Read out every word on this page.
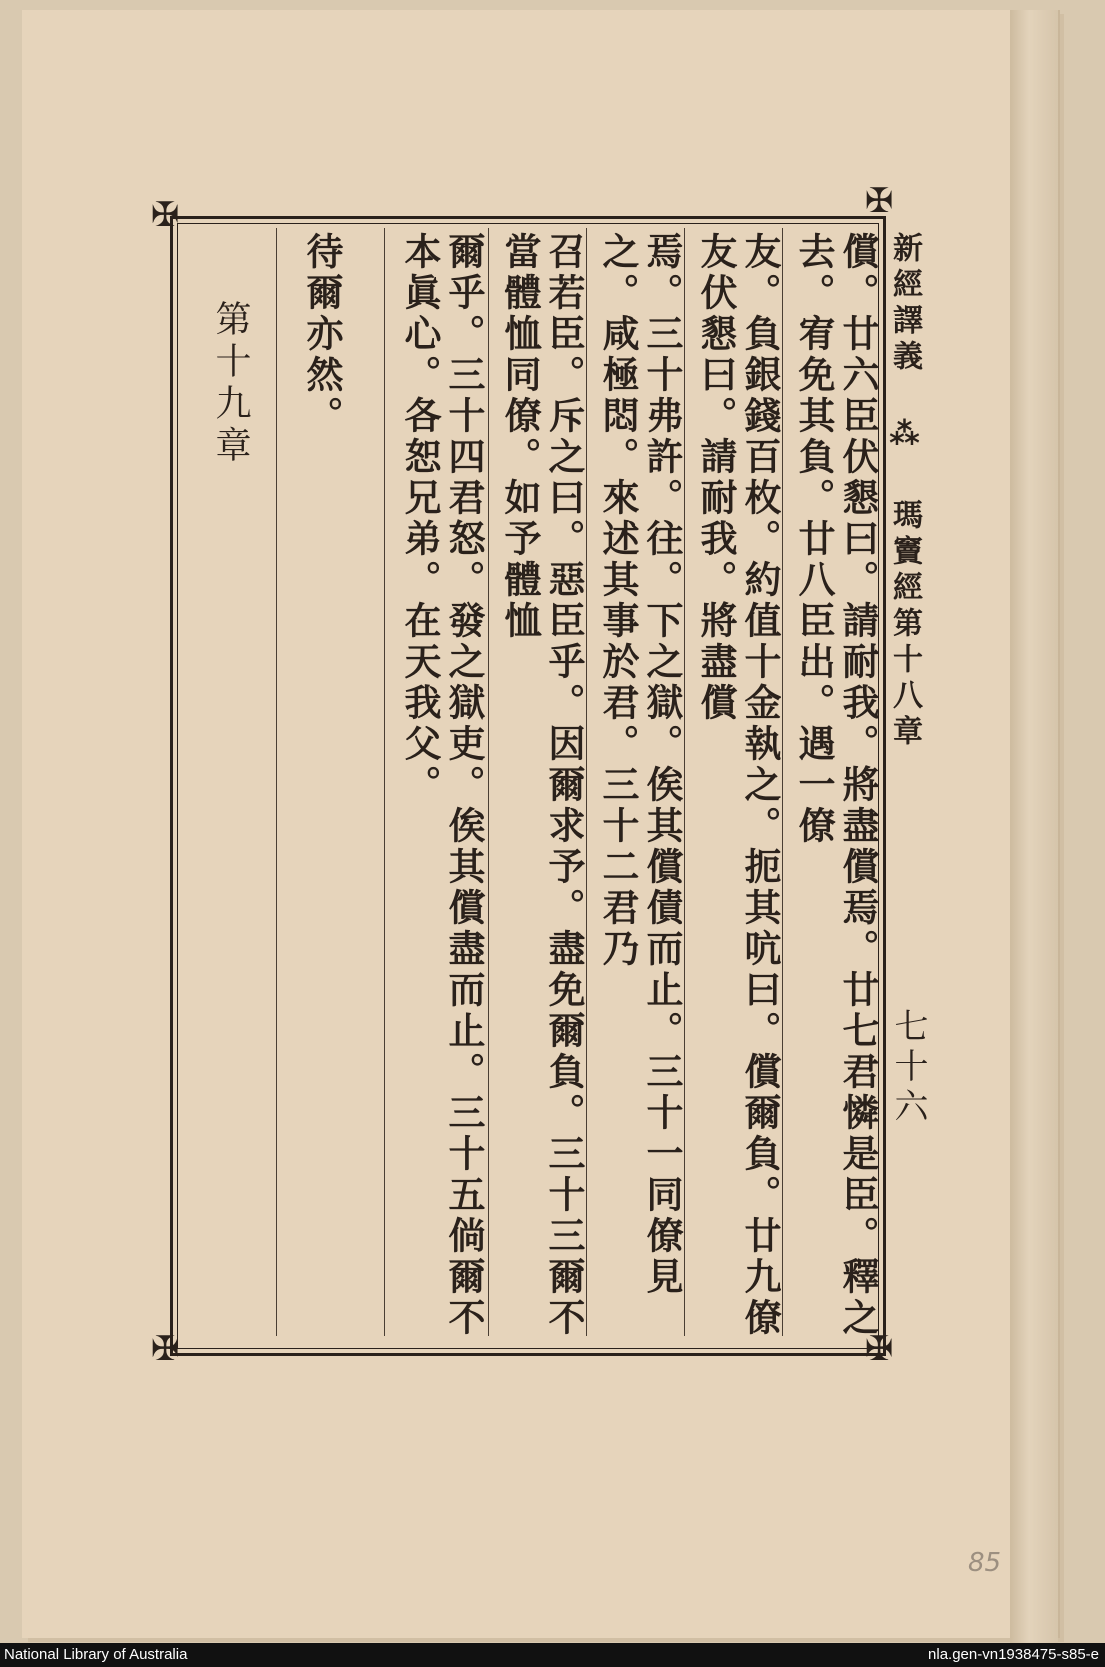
✠	✠
✠	✠
新經譯義 ⁂ 瑪竇經第十八章
七十六
償。廿六臣伏懇曰。請耐我。將盡償焉。廿七君憐是臣。釋之去。宥免其負。廿八臣出。遇一僚
友。負銀錢百枚。約值十金執之。扼其吭曰。償爾負。廿九僚友伏懇曰。請耐我。將盡償
焉。三十弗許。往。下之獄。俟其償債而止。三十一同僚見之。咸極悶。來述其事於君。三十二君乃
召若臣。斥之曰。惡臣乎。因爾求予。盡免爾負。三十三爾不當體恤同僚。如予體恤
爾乎。三十四君怒。發之獄吏。俟其償盡而止。三十五倘爾不本眞心。各恕兄弟。在天我父。
待爾亦然。
第十九章
85
National Library of Australia	nla.gen-vn1938475-s85-e
